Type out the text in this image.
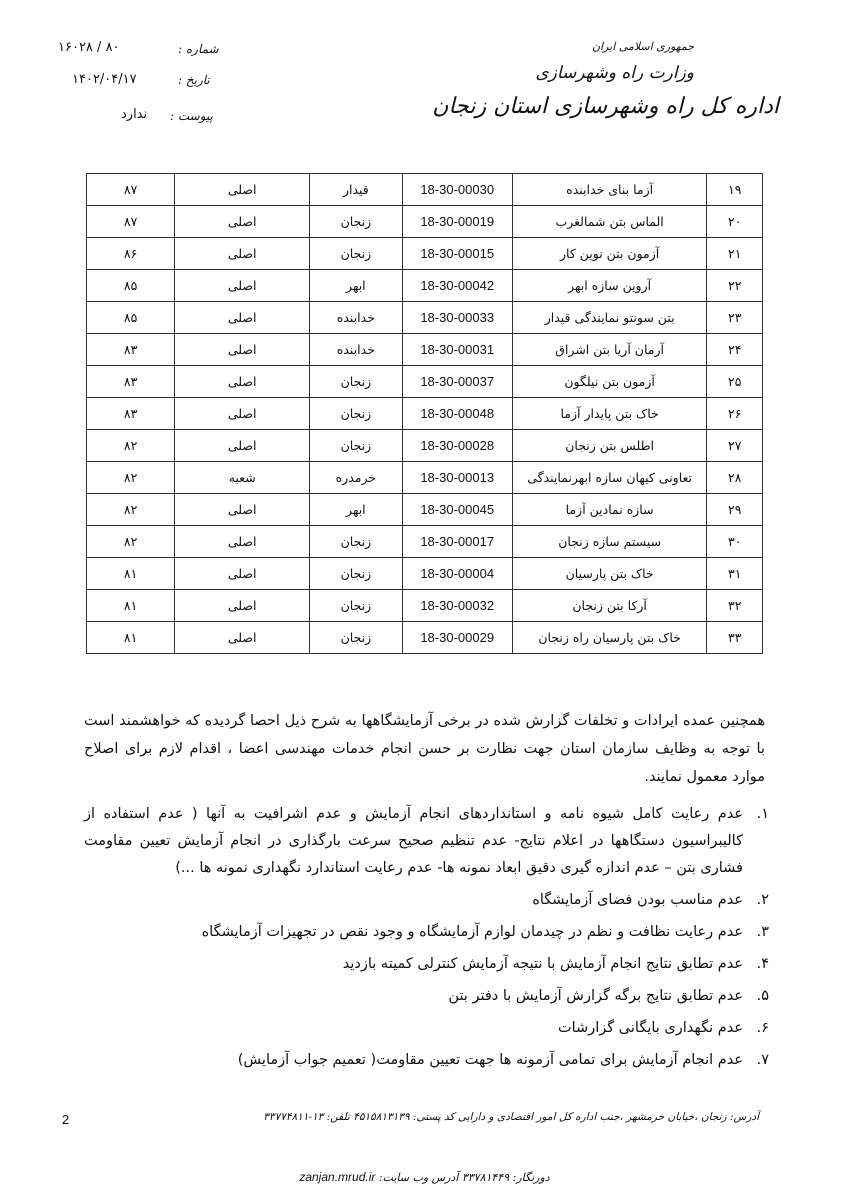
جمهوری اسلامی ایران
وزارت راه وشهرسازی
اداره کل راه وشهرسازی استان زنجان
شماره :
۸۰ / ۱۶۰۲۸
تاریخ :
۱۴۰۲/۰۴/۱۷
پیوست :
ندارد
۱۹	آزما بنای خدابنده	18-30-00030	قیدار	اصلی	۸۷
۲۰	الماس بتن شمالغرب	18-30-00019	زنجان	اصلی	۸۷
۲۱	آزمون بتن نوین کار	18-30-00015	زنجان	اصلی	۸۶
۲۲	آروین سازه ابهر	18-30-00042	ابهر	اصلی	۸۵
۲۳	بتن سونتو نمایندگی قیدار	18-30-00033	خدابنده	اصلی	۸۵
۲۴	آرمان آریا بتن اشراق	18-30-00031	خدابنده	اصلی	۸۳
۲۵	آزمون بتن نیلگون	18-30-00037	زنجان	اصلی	۸۳
۲۶	خاک بتن پایدار آزما	18-30-00048	زنجان	اصلی	۸۳
۲۷	اطلس بتن زنجان	18-30-00028	زنجان	اصلی	۸۲
۲۸	تعاونی کیهان سازه ابهرنمایندگی	18-30-00013	خرمدره	شعبه	۸۲
۲۹	سازه نمادین آزما	18-30-00045	ابهر	اصلی	۸۲
۳۰	سیستم سازه زنجان	18-30-00017	زنجان	اصلی	۸۲
۳۱	خاک بتن پارسیان	18-30-00004	زنجان	اصلی	۸۱
۳۲	آرکا بتن زنجان	18-30-00032	زنجان	اصلی	۸۱
۳۳	خاک بتن پارسیان راه زنجان	18-30-00029	زنجان	اصلی	۸۱
همچنین عمده ایرادات و تخلفات گزارش شده در برخی آزمایشگاهها به شرح ذیل احصا گردیده که خواهشمند است با توجه به وظایف سازمان استان جهت نظارت بر حسن انجام خدمات مهندسی اعضا ، اقدام لازم برای اصلاح موارد معمول نمایند.
۱.
عدم رعایت کامل شیوه نامه و استانداردهای انجام آزمایش و عدم اشرافیت به آنها ( عدم استفاده از کالیبراسیون دستگاهها در اعلام نتایج- عدم تنظیم صحیح سرعت بارگذاری در انجام آزمایش تعیین مقاومت فشاری بتن – عدم اندازه گیری دقیق ابعاد نمونه ها- عدم رعایت استاندارد نگهداری نمونه ها ...)
۲.
عدم مناسب بودن فضای آزمایشگاه
۳.
عدم رعایت نظافت و نظم در چیدمان لوازم آزمایشگاه و وجود نقص در تجهیزات آزمایشگاه
۴.
عدم تطابق نتایج انجام آزمایش با نتیجه آزمایش کنترلی کمیته بازدید
۵.
عدم تطابق نتایج برگه گزارش آزمایش با دفتر بتن
۶.
عدم نگهداری بایگانی گزارشات
۷.
عدم انجام آزمایش برای تمامی آزمونه ها جهت تعیین مقاومت( تعمیم جواب آزمایش)
آدرس: زنجان ،خیابان خرمشهر ،جنب اداره کل امور اقتصادی و دارایی کد پستی: ۴۵۱۵۸۱۳۱۳۹ تلفن: ۱۳-۳۳۷۷۴۸۱۱
2
دورنگار: ۳۳۷۸۱۴۴۹ آدرس وب سایت: zanjan.mrud.ir
